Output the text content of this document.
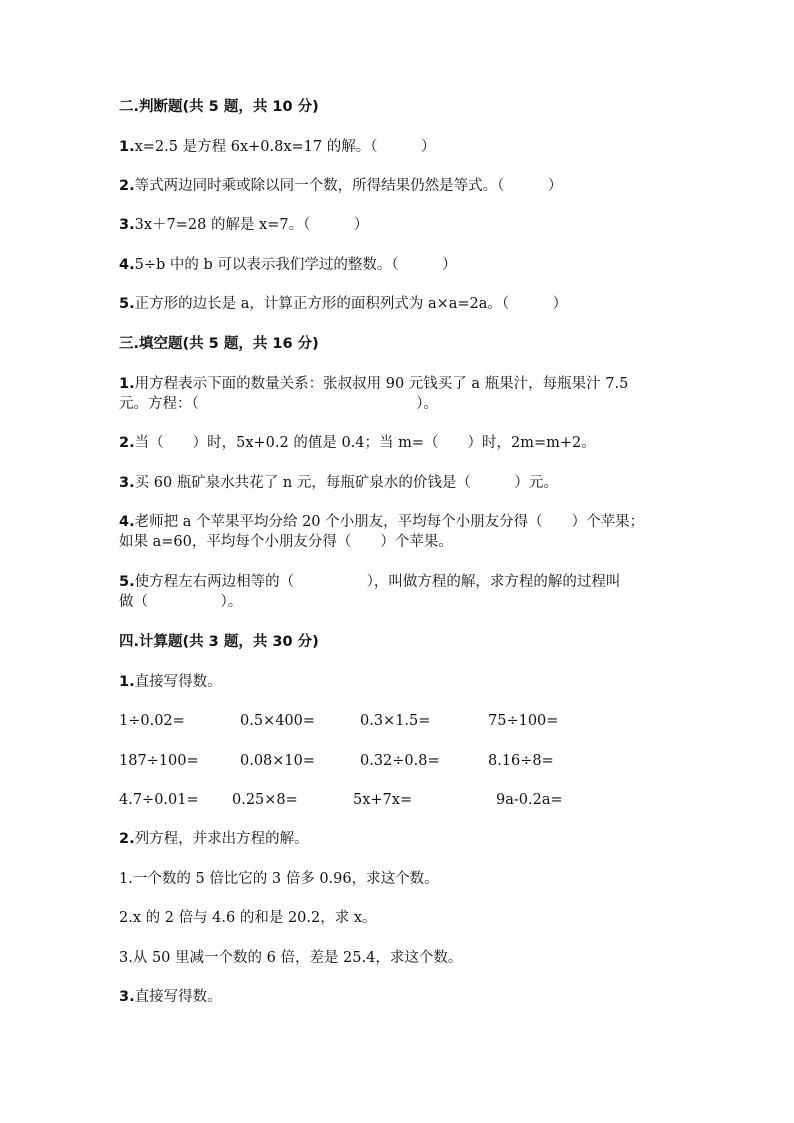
二.判断题(共 5 题，共 10 分)
1.x=2.5 是方程 6x+0.8x=17 的解。（　　　）
2.等式两边同时乘或除以同一个数，所得结果仍然是等式。（　　　）
3.3x＋7=28 的解是 x=7。（　　　）
4.5÷b 中的 b 可以表示我们学过的整数。（　　　）
5.正方形的边长是 a，计算正方形的面积列式为 a×a=2a。（　　　）
三.填空题(共 5 题，共 16 分)
1.用方程表示下面的数量关系：张叔叔用 90 元钱买了 a 瓶果汁，每瓶果汁 7.5
元。方程：（　　　　　　　　　　　　　　　）。
2.当（　　）时，5x+0.2 的值是 0.4；当 m=（　　）时，2m=m+2。
3.买 60 瓶矿泉水共花了 n 元，每瓶矿泉水的价钱是（　　　）元。
4.老师把 a 个苹果平均分给 20 个小朋友，平均每个小朋友分得（　　）个苹果；
如果 a=60，平均每个小朋友分得（　　）个苹果。
5.使方程左右两边相等的（　　　　　），叫做方程的解，求方程的解的过程叫
做（　　　　　）。
四.计算题(共 3 题，共 30 分)
1.直接写得数。
1÷0.02=	0.5×400=	0.3×1.5=	75÷100=
187÷100=	0.08×10=	0.32÷0.8=	8.16÷8=
4.7÷0.01= 0.25×8=	5x+7x=	9a-0.2a=
2.列方程，并求出方程的解。
1.一个数的 5 倍比它的 3 倍多 0.96，求这个数。
2.x 的 2 倍与 4.6 的和是 20.2，求 x。
3.从 50 里减一个数的 6 倍，差是 25.4，求这个数。
3.直接写得数。
